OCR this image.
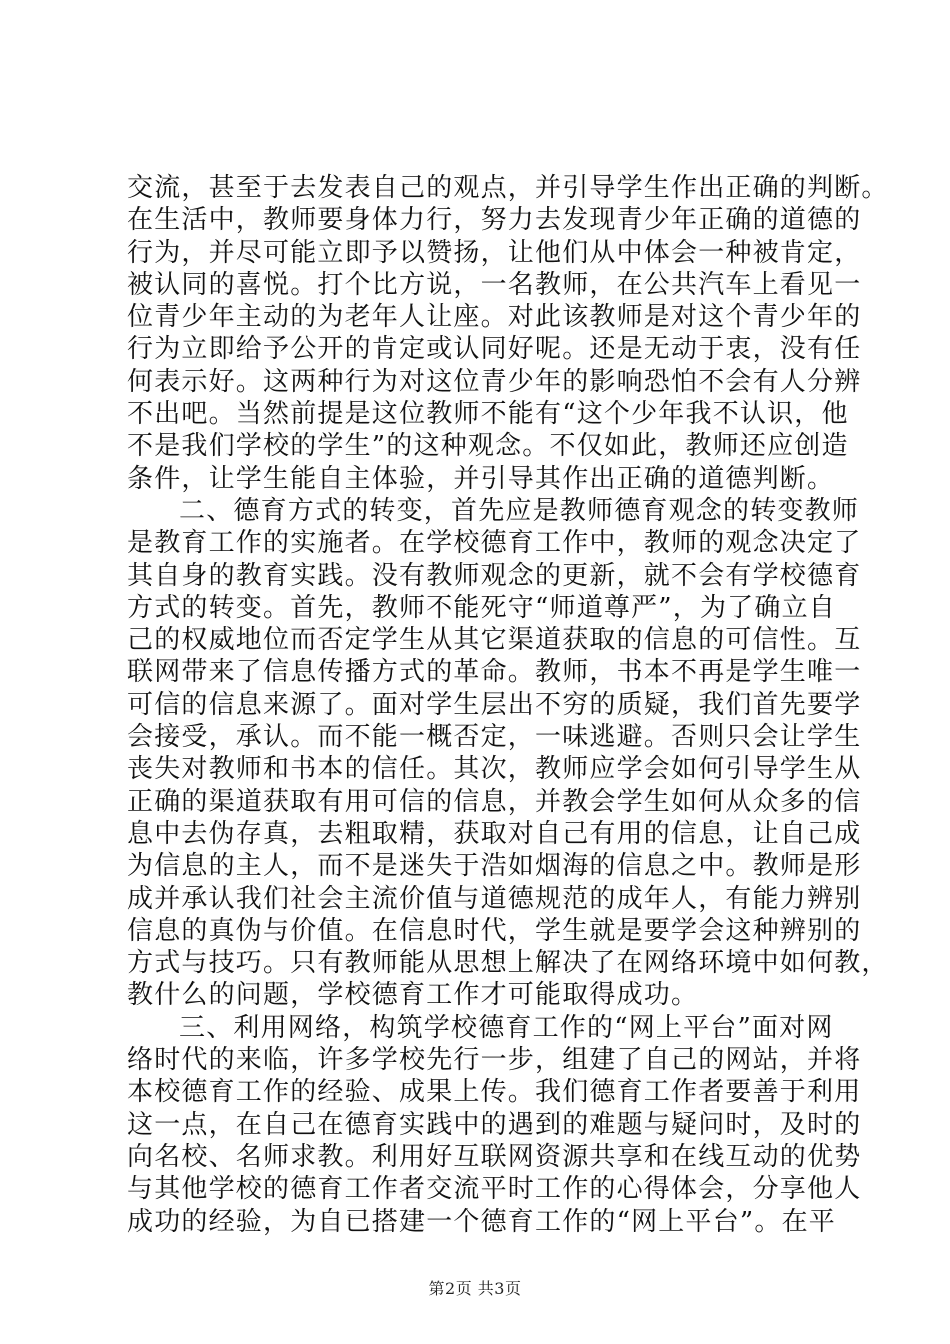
交流，甚至于去发表自己的观点，并引导学生作出正确的判断。
在生活中，教师要身体力行，努力去发现青少年正确的道德的
行为，并尽可能立即予以赞扬，让他们从中体会一种被肯定，
被认同的喜悦。打个比方说，一名教师，在公共汽车上看见一
位青少年主动的为老年人让座。对此该教师是对这个青少年的
行为立即给予公开的肯定或认同好呢。还是无动于衷，没有任
何表示好。这两种行为对这位青少年的影响恐怕不会有人分辨
不出吧。当然前提是这位教师不能有“这个少年我不认识，他
不是我们学校的学生”的这种观念。不仅如此，教师还应创造
条件，让学生能自主体验，并引导其作出正确的道德判断。
二、德育方式的转变，首先应是教师德育观念的转变教师
是教育工作的实施者。在学校德育工作中，教师的观念决定了
其自身的教育实践。没有教师观念的更新，就不会有学校德育
方式的转变。首先，教师不能死守“师道尊严”，为了确立自
己的权威地位而否定学生从其它渠道获取的信息的可信性。互
联网带来了信息传播方式的革命。教师，书本不再是学生唯一
可信的信息来源了。面对学生层出不穷的质疑，我们首先要学
会接受，承认。而不能一概否定，一味逃避。否则只会让学生
丧失对教师和书本的信任。其次，教师应学会如何引导学生从
正确的渠道获取有用可信的信息，并教会学生如何从众多的信
息中去伪存真，去粗取精，获取对自己有用的信息，让自己成
为信息的主人，而不是迷失于浩如烟海的信息之中。教师是形
成并承认我们社会主流价值与道德规范的成年人，有能力辨别
信息的真伪与价值。在信息时代，学生就是要学会这种辨别的
方式与技巧。只有教师能从思想上解决了在网络环境中如何教，
教什么的问题，学校德育工作才可能取得成功。
三、利用网络，构筑学校德育工作的“网上平台”面对网
络时代的来临，许多学校先行一步，组建了自己的网站，并将
本校德育工作的经验、成果上传。我们德育工作者要善于利用
这一点，在自己在德育实践中的遇到的难题与疑问时，及时的
向名校、名师求教。利用好互联网资源共享和在线互动的优势
与其他学校的德育工作者交流平时工作的心得体会，分享他人
成功的经验，为自已搭建一个德育工作的“网上平台”。在平
第2页 共3页
